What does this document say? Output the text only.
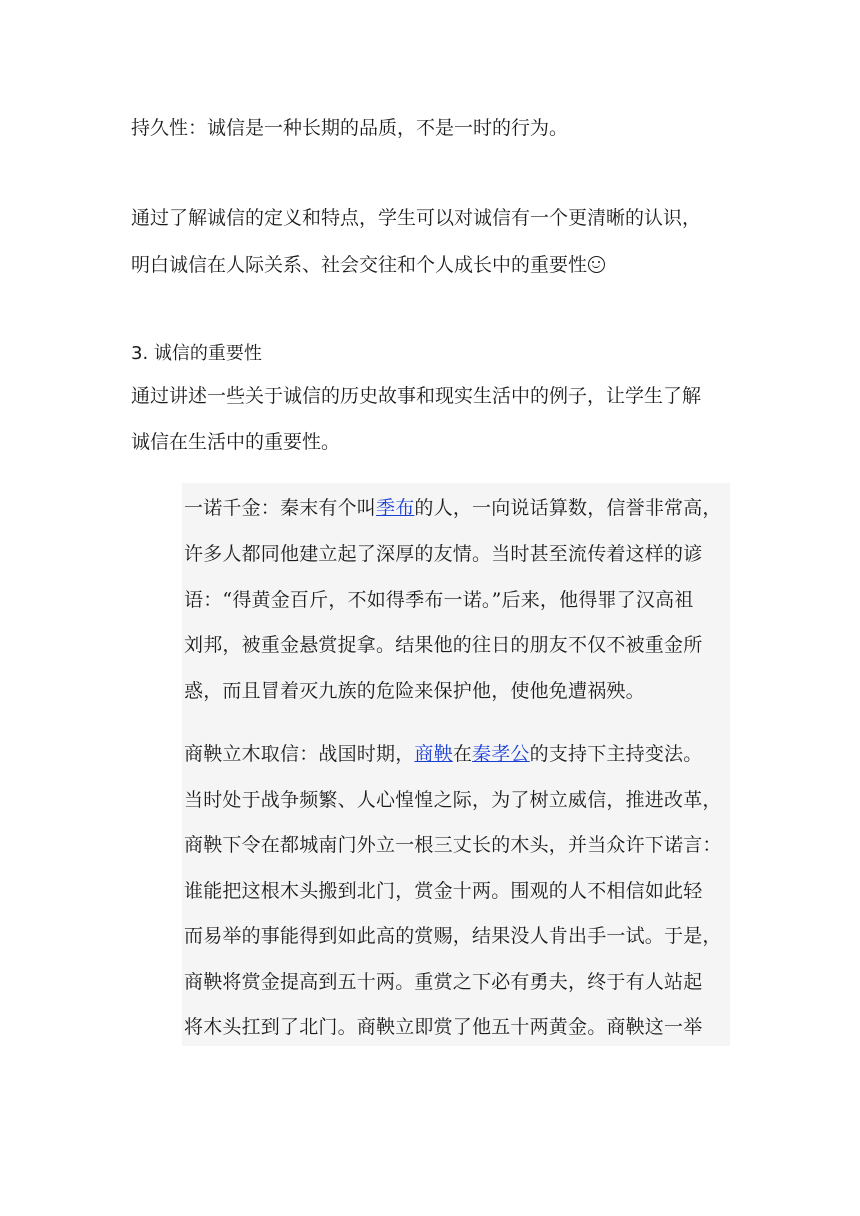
持久性：诚信是一种长期的品质，不是一时的行为。
通过了解诚信的定义和特点，学生可以对诚信有一个更清晰的认识，
明白诚信在人际关系、社会交往和个人成长中的重要性
3. 诚信的重要性
通过讲述一些关于诚信的历史故事和现实生活中的例子，让学生了解
诚信在生活中的重要性。
一诺千金：秦末有个叫季布的人，一向说话算数，信誉非常高，
许多人都同他建立起了深厚的友情。当时甚至流传着这样的谚
语：“得黄金百斤，不如得季布一诺。”后来，他得罪了汉高祖
刘邦，被重金悬赏捉拿。结果他的往日的朋友不仅不被重金所
惑，而且冒着灭九族的危险来保护他，使他免遭祸殃。
商鞅立木取信：战国时期，商鞅在秦孝公的支持下主持变法。
当时处于战争频繁、人心惶惶之际，为了树立威信，推进改革，
商鞅下令在都城南门外立一根三丈长的木头，并当众许下诺言：
谁能把这根木头搬到北门，赏金十两。围观的人不相信如此轻
而易举的事能得到如此高的赏赐，结果没人肯出手一试。于是，
商鞅将赏金提高到五十两。重赏之下必有勇夫，终于有人站起
将木头扛到了北门。商鞅立即赏了他五十两黄金。商鞅这一举
